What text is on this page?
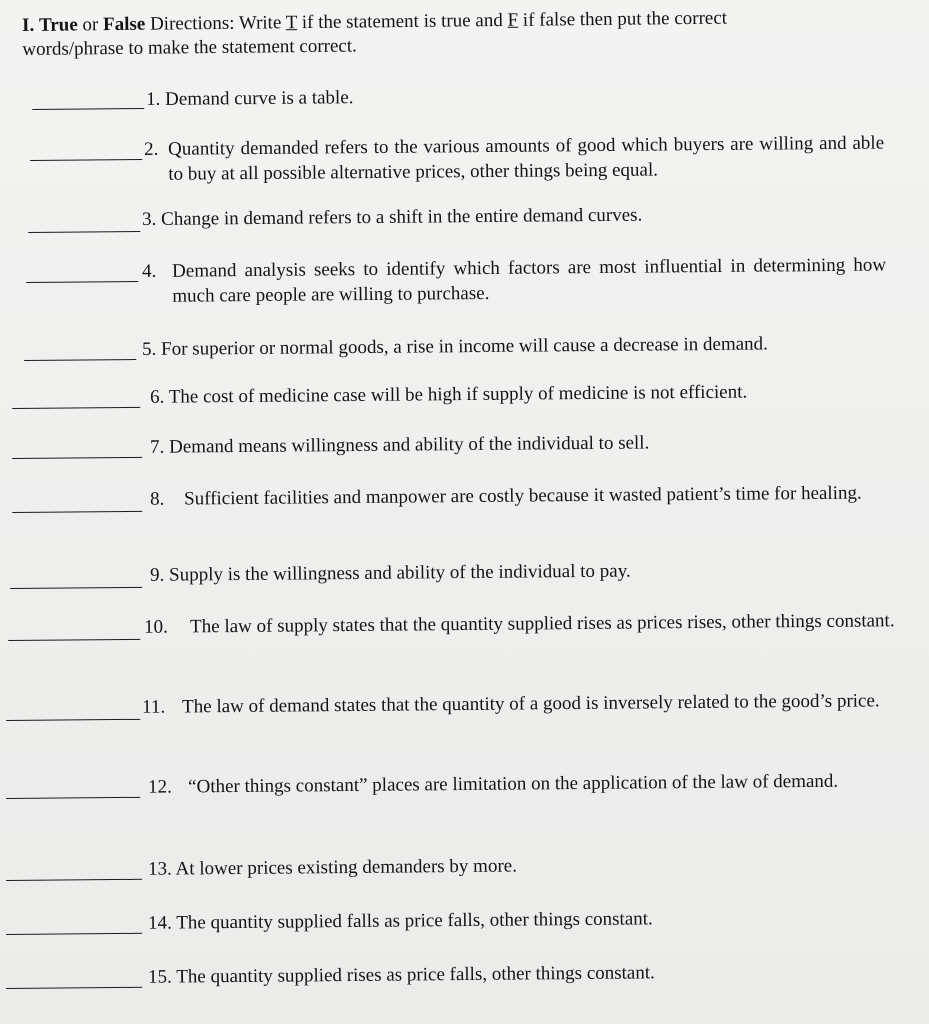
I. True or False Directions: Write T if the statement is true and F if false then put the correct
words/phrase to make the statement correct.
1. Demand curve is a table.
2. Quantity demanded refers to the various amounts of good which buyers are willing and able to buy at all possible alternative prices, other things being equal.
3. Change in demand refers to a shift in the entire demand curves.
4. Demand analysis seeks to identify which factors are most influential in determining how much care people are willing to purchase.
5. For superior or normal goods, a rise in income will cause a decrease in demand.
6. The cost of medicine case will be high if supply of medicine is not efficient.
7. Demand means willingness and ability of the individual to sell.
8.	Sufficient facilities and manpower are costly because it wasted patient’s time for healing.
9. Supply is the willingness and ability of the individual to pay.
10.	The law of supply states that the quantity supplied rises as prices rises, other things constant.
11. The law of demand states that the quantity of a good is inversely related to the good’s price.
12. “Other things constant” places are limitation on the application of the law of demand.
13. At lower prices existing demanders by more.
14. The quantity supplied falls as price falls, other things constant.
15. The quantity supplied rises as price falls, other things constant.
